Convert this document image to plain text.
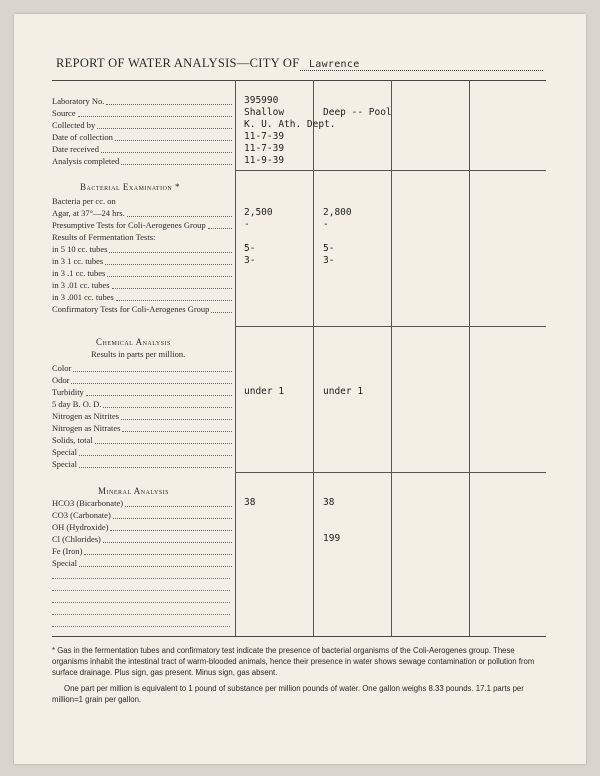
REPORT OF WATER ANALYSIS—CITY OF Lawrence
Laboratory No.	395990
Source	Shallow	Deep -- Pool
Collected by	K. U. Ath. Dept.
Date of collection	11-7-39
Date received	11-7-39
Analysis completed	11-9-39
Bacterial Examination *
Bacteria per cc. on
Agar, at 37°—24 hrs.	2,500	2,800
Presumptive Tests for Coli-Aerogenes Group	-	-
Results of Fermentation Tests:
in 5 10 cc. tubes	5-	5-
in 3 1 cc. tubes	3-	3-
in 3 .1 cc. tubes
in 3 .01 cc. tubes
in 3 .001 cc. tubes
Confirmatory Tests for Coli-Aerogenes Group
Chemical Analysis
Results in parts per million.
Color
Odor
Turbidity	under 1	under 1
5 day B. O. D.
Nitrogen as Nitrites
Nitrogen as Nitrates
Solids, total
Special
Special
Mineral Analysis
HCO3 (Bicarbonate)	38	38
CO3 (Carbonate)
OH (Hydroxide)
Cl (Chlorides)	199
Fe (Iron)
Special
* Gas in the fermentation tubes and confirmatory test indicate the presence of bacterial organisms of the Coli-Aerogenes group. These organisms inhabit the intestinal tract of warm-blooded animals, hence their presence in water shows sewage contamination or pollution from surface drainage. Plus sign, gas present. Minus sign, gas absent.
One part per million is equivalent to 1 pound of substance per million pounds of water. One gallon weighs 8.33 pounds. 17.1 parts per million=1 grain per gallon.
